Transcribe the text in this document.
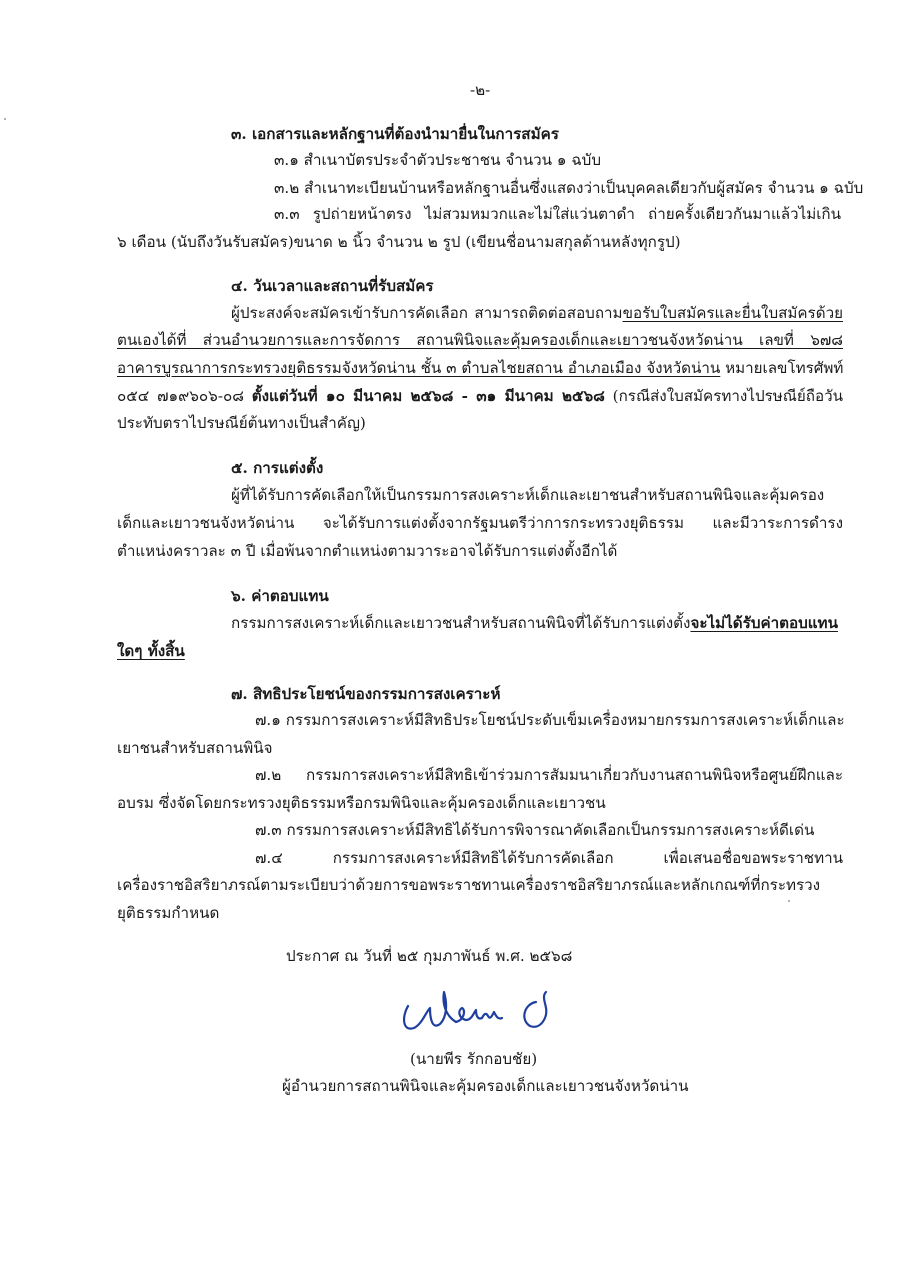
-๒-
๓. เอกสารและหลักฐานที่ต้องนำมายื่นในการสมัคร
๓.๑ สำเนาบัตรประจำตัวประชาชน จำนวน ๑ ฉบับ
๓.๒ สำเนาทะเบียนบ้านหรือหลักฐานอื่นซึ่งแสดงว่าเป็นบุคคลเดียวกับผู้สมัคร จำนวน ๑ ฉบับ
๓.๓ รูปถ่ายหน้าตรง ไม่สวมหมวกและไม่ใส่แว่นตาดำ ถ่ายครั้งเดียวกันมาแล้วไม่เกิน
๖ เดือน (นับถึงวันรับสมัคร)ขนาด ๒ นิ้ว จำนวน ๒ รูป (เขียนชื่อนามสกุลด้านหลังทุกรูป)
๔. วันเวลาและสถานที่รับสมัคร
ผู้ประสงค์จะสมัครเข้ารับการคัดเลือก สามารถติดต่อสอบถามขอรับใบสมัครและยื่นใบสมัครด้วย
ตนเองได้ที่ ส่วนอำนวยการและการจัดการ สถานพินิจและคุ้มครองเด็กและเยาวชนจังหวัดน่าน เลขที่ ๖๗๘
อาคารบูรณาการกระทรวงยุติธรรมจังหวัดน่าน ชั้น ๓ ตำบลไชยสถาน อำเภอเมือง จังหวัดน่าน หมายเลขโทรศัพท์
๐๕๔ ๗๑๙๖๐๖-๐๘ ตั้งแต่วันที่ ๑๐ มีนาคม ๒๕๖๘ - ๓๑ มีนาคม ๒๕๖๘ (กรณีส่งใบสมัครทางไปรษณีย์ถือวัน
ประทับตราไปรษณีย์ต้นทางเป็นสำคัญ)
๕. การแต่งตั้ง
ผู้ที่ได้รับการคัดเลือกให้เป็นกรรมการสงเคราะห์เด็กและเยาชนสำหรับสถานพินิจและคุ้มครอง
เด็กและเยาวชนจังหวัดน่าน จะได้รับการแต่งตั้งจากรัฐมนตรีว่าการกระทรวงยุติธรรม และมีวาระการดำรง
ตำแหน่งคราวละ ๓ ปี เมื่อพ้นจากตำแหน่งตามวาระอาจได้รับการแต่งตั้งอีกได้
๖. ค่าตอบแทน
กรรมการสงเคราะห์เด็กและเยาวชนสำหรับสถานพินิจที่ได้รับการแต่งตั้งจะไม่ได้รับค่าตอบแทน
ใดๆ ทั้งสิ้น
๗. สิทธิประโยชน์ของกรรมการสงเคราะห์
๗.๑ กรรมการสงเคราะห์มีสิทธิประโยชน์ประดับเข็มเครื่องหมายกรรมการสงเคราะห์เด็กและ
เยาชนสำหรับสถานพินิจ
๗.๒ กรรมการสงเคราะห์มีสิทธิเข้าร่วมการสัมมนาเกี่ยวกับงานสถานพินิจหรือศูนย์ฝึกและ
อบรม ซึ่งจัดโดยกระทรวงยุติธรรมหรือกรมพินิจและคุ้มครองเด็กและเยาวชน
๗.๓ กรรมการสงเคราะห์มีสิทธิได้รับการพิจารณาคัดเลือกเป็นกรรมการสงเคราะห์ดีเด่น
๗.๔ กรรมการสงเคราะห์มีสิทธิได้รับการคัดเลือก เพื่อเสนอชื่อขอพระราชทาน
เครื่องราชอิสริยาภรณ์ตามระเบียบว่าด้วยการขอพระราชทานเครื่องราชอิสริยาภรณ์และหลักเกณฑ์ที่กระทรวง
ยุติธรรมกำหนด
ประกาศ ณ วันที่ ๒๕ กุมภาพันธ์ พ.ศ. ๒๕๖๘
(นายพีร รักกอบชัย)
ผู้อำนวยการสถานพินิจและคุ้มครองเด็กและเยาวชนจังหวัดน่าน
